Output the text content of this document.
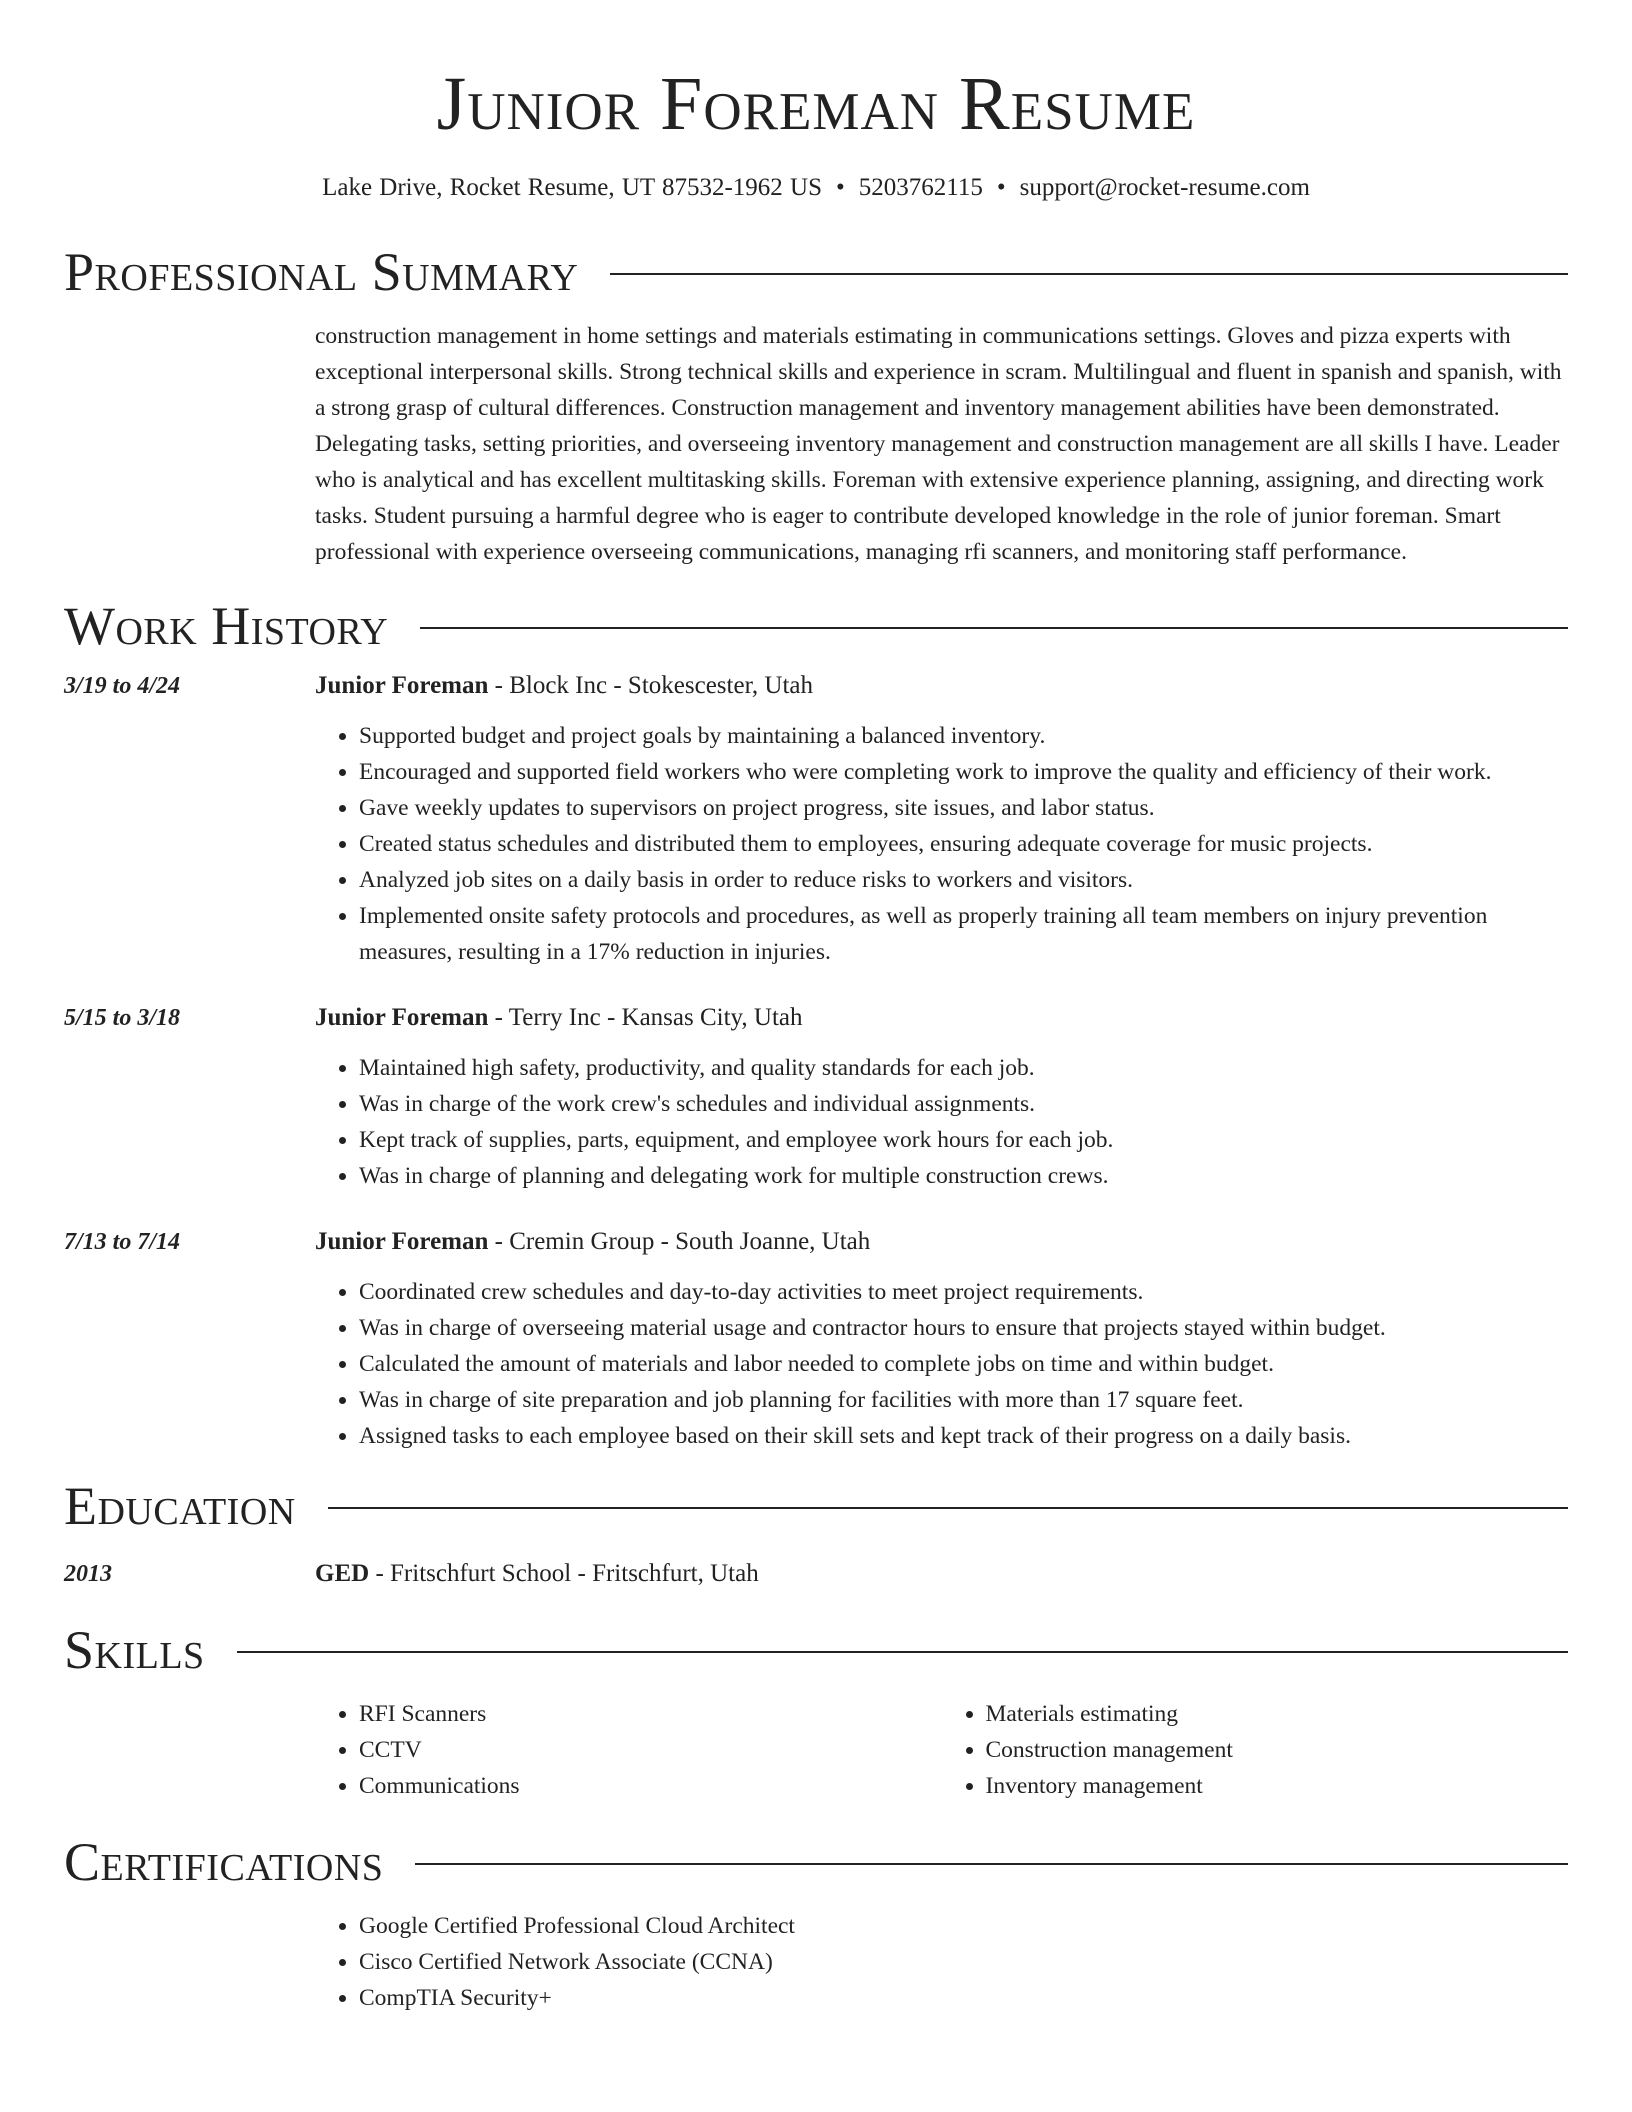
Junior Foreman Resume
Lake Drive, Rocket Resume, UT 87532-1962 US • 5203762115 • support@rocket-resume.com
Professional Summary
construction management in home settings and materials estimating in communications settings. Gloves and pizza experts with exceptional interpersonal skills. Strong technical skills and experience in scram. Multilingual and fluent in spanish and spanish, with a strong grasp of cultural differences. Construction management and inventory management abilities have been demonstrated. Delegating tasks, setting priorities, and overseeing inventory management and construction management are all skills I have. Leader who is analytical and has excellent multitasking skills. Foreman with extensive experience planning, assigning, and directing work tasks. Student pursuing a harmful degree who is eager to contribute developed knowledge in the role of junior foreman. Smart professional with experience overseeing communications, managing rfi scanners, and monitoring staff performance.
Work History
3/19 to 4/24	Junior Foreman - Block Inc - Stokescester, Utah
• Supported budget and project goals by maintaining a balanced inventory.
• Encouraged and supported field workers who were completing work to improve the quality and efficiency of their work.
• Gave weekly updates to supervisors on project progress, site issues, and labor status.
• Created status schedules and distributed them to employees, ensuring adequate coverage for music projects.
• Analyzed job sites on a daily basis in order to reduce risks to workers and visitors.
• Implemented onsite safety protocols and procedures, as well as properly training all team members on injury prevention measures, resulting in a 17% reduction in injuries.
5/15 to 3/18	Junior Foreman - Terry Inc - Kansas City, Utah
• Maintained high safety, productivity, and quality standards for each job.
• Was in charge of the work crew's schedules and individual assignments.
• Kept track of supplies, parts, equipment, and employee work hours for each job.
• Was in charge of planning and delegating work for multiple construction crews.
7/13 to 7/14	Junior Foreman - Cremin Group - South Joanne, Utah
• Coordinated crew schedules and day-to-day activities to meet project requirements.
• Was in charge of overseeing material usage and contractor hours to ensure that projects stayed within budget.
• Calculated the amount of materials and labor needed to complete jobs on time and within budget.
• Was in charge of site preparation and job planning for facilities with more than 17 square feet.
• Assigned tasks to each employee based on their skill sets and kept track of their progress on a daily basis.
Education
2013	GED - Fritschfurt School - Fritschfurt, Utah
Skills
• RFI Scanners
• CCTV
• Communications
• Materials estimating
• Construction management
• Inventory management
Certifications
• Google Certified Professional Cloud Architect
• Cisco Certified Network Associate (CCNA)
• CompTIA Security+
